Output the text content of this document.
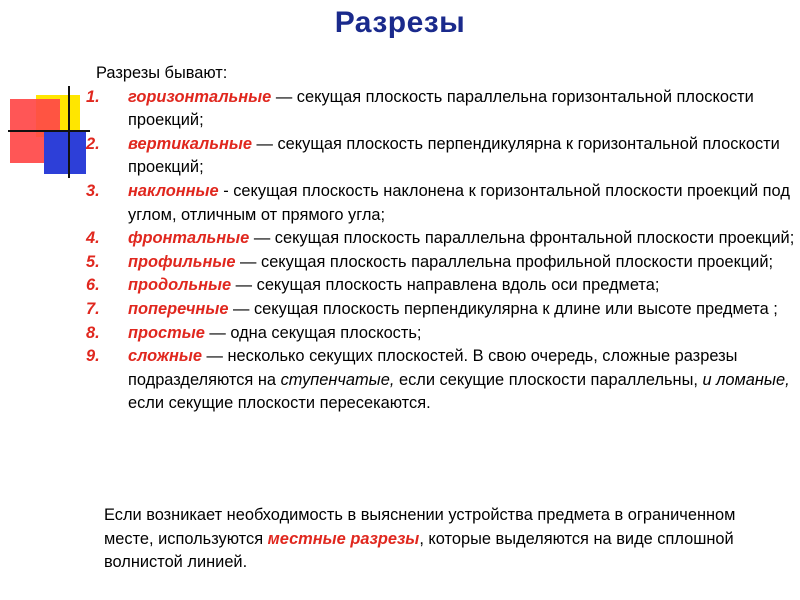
Разрезы
Разрезы бывают:
1. горизонтальные — секущая плоскость параллельна горизонтальной плоскости проекций;
2. вертикальные — секущая плоскость перпендикулярна к горизонтальной плоскости проекций;
3. наклонные - секущая плоскость наклонена к горизонтальной плоскости проекций под углом, отличным от прямого угла;
4. фронтальные — секущая плоскость параллельна фронтальной плоскости проекций;
5. профильные — секущая плоскость параллельна профильной плоскости проекций;
6. продольные — секущая плоскость направлена вдоль оси предмета;
7. поперечные — секущая плоскость перпендикулярна к длине или высоте предмета ;
8. простые — одна секущая плоскость;
9. сложные — несколько секущих плоскостей. В свою очередь, сложные разрезы подразделяются на ступенчатые, если секущие плоскости параллельны, и ломаные, если секущие плоскости пересекаются.
Если возникает необходимость в выяснении устройства предмета в ограниченном месте, используются местные разрезы, которые выделяются на виде сплошной волнистой линией.
